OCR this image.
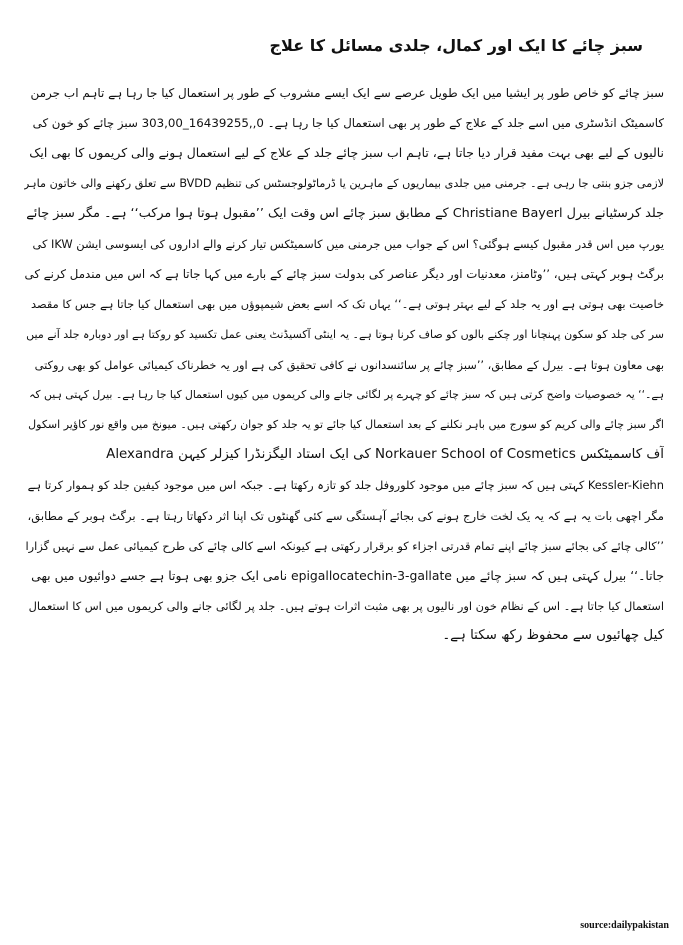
سبز چائے کا ایک اور کمال، جلدی مسائل کا علاج
سبز چائے کو خاص طور پر ایشیا میں ایک طویل عرصے سے ایک ایسے مشروب کے طور پر استعمال کیا جا رہا ہے تاہم اب جرمن
کاسمیٹک انڈسٹری میں اسے جلد کے علاج کے طور پر بھی استعمال کیا جا رہا ہے۔ 0,,16439255_303,00 سبز چائے کو خون کی
نالیوں کے لیے بھی بہت مفید قرار دیا جاتا ہے، تاہم اب سبز چائے جلد کے علاج کے لیے استعمال ہونے والی کریموں کا بھی ایک
لازمی جزو بنتی جا رہی ہے۔ جرمنی میں جلدی بیماریوں کے ماہرین یا ڈرماٹولوجسٹس کی تنظیم BVDD سے تعلق رکھنے والی خاتون ماہر
جلد کرسٹیانے بیرل Christiane Bayerl کے مطابق سبز چائے اس وقت ایک ’’مقبول ہوتا ہوا مرکب‘‘ ہے۔ مگر سبز چائے
یورپ میں اس قدر مقبول کیسے ہوگئی؟ اس کے جواب میں جرمنی میں کاسمیٹکس تیار کرنے والے اداروں کی ایسوسی ایشن IKW کی
برگٹ ہوبر کہتی ہیں، ’’وٹامنز، معدنیات اور دیگر عناصر کی بدولت سبز چائے کے بارے میں کہا جاتا ہے کہ اس میں مندمل کرنے کی
خاصیت بھی ہوتی ہے اور یہ جلد کے لیے بہتر ہوتی ہے۔‘‘ یہاں تک کہ اسے بعض شیمپوؤں میں بھی استعمال کیا جاتا ہے جس کا مقصد
سر کی جلد کو سکون پہنچانا اور چکنے بالوں کو صاف کرنا ہوتا ہے۔ یہ اینٹی آکسیڈنٹ یعنی عمل تکسید کو روکتا ہے اور دوبارہ جلد آنے میں
بھی معاون ہوتا ہے۔ بیرل کے مطابق، ’’سبز چائے پر سائنسدانوں نے کافی تحقیق کی ہے اور یہ خطرناک کیمیائی عوامل کو بھی روکتی
ہے۔‘‘ یہ خصوصیات واضح کرتی ہیں کہ سبز چائے کو چہرے پر لگائی جانے والی کریموں میں کیوں استعمال کیا جا رہا ہے۔ بیرل کہتی ہیں کہ
اگر سبز چائے والی کریم کو سورج میں باہر نکلنے کے بعد استعمال کیا جائے تو یہ جلد کو جوان رکھتی ہیں۔ میونخ میں واقع نور کاؤیر اسکول
آف کاسمیٹکس Norkauer School of Cosmetics کی ایک استاد الیگزنڈرا کیزلر کیہن Alexandra
Kessler-Kiehn کہتی ہیں کہ سبز چائے میں موجود کلوروفل جلد کو تازہ رکھتا ہے۔ جبکہ اس میں موجود کیفین جلد کو ہموار کرتا ہے
مگر اچھی بات یہ ہے کہ یہ یک لخت خارج ہونے کی بجائے آہستگی سے کئی گھنٹوں تک اپنا اثر دکھاتا رہتا ہے۔ برگٹ ہوبر کے مطابق،
’’کالی چائے کی بجائے سبز چائے اپنے تمام قدرتی اجزاء کو برقرار رکھتی ہے کیونکہ اسے کالی چائے کی طرح کیمیائی عمل سے نہیں گزارا
جاتا۔‘‘ بیرل کہتی ہیں کہ سبز چائے میں epigallocatechin-3-gallate نامی ایک جزو بھی ہوتا ہے جسے دوائیوں میں بھی
استعمال کیا جاتا ہے۔ اس کے نظام خون اور نالیوں پر بھی مثبت اثرات ہوتے ہیں۔ جلد پر لگائی جانے والی کریموں میں اس کا استعمال
کیل چھائیوں سے محفوظ رکھ سکتا ہے۔
source:dailypakistan
